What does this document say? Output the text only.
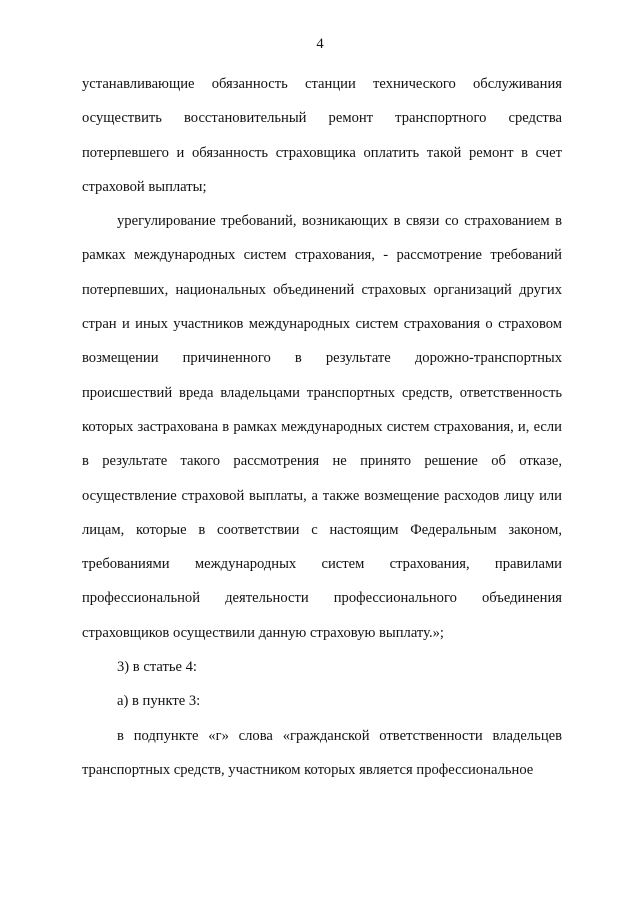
4

устанавливающие обязанность станции технического обслуживания осуществить восстановительный ремонт транспортного средства потерпевшего и обязанность страховщика оплатить такой ремонт в счет страховой выплаты;

урегулирование требований, возникающих в связи со страхованием в рамках международных систем страхования, - рассмотрение требований потерпевших, национальных объединений страховых организаций других стран и иных участников международных систем страхования о страховом возмещении причиненного в результате дорожно-транспортных происшествий вреда владельцами транспортных средств, ответственность которых застрахована в рамках международных систем страхования, и, если в результате такого рассмотрения не принято решение об отказе, осуществление страховой выплаты, а также возмещение расходов лицу или лицам, которые в соответствии с настоящим Федеральным законом, требованиями международных систем страхования, правилами профессиональной деятельности профессионального объединения страховщиков осуществили данную страховую выплату.»;

3) в статье 4:

а) в пункте 3:

в подпункте «г» слова «гражданской ответственности владельцев транспортных средств, участником которых является профессиональное
